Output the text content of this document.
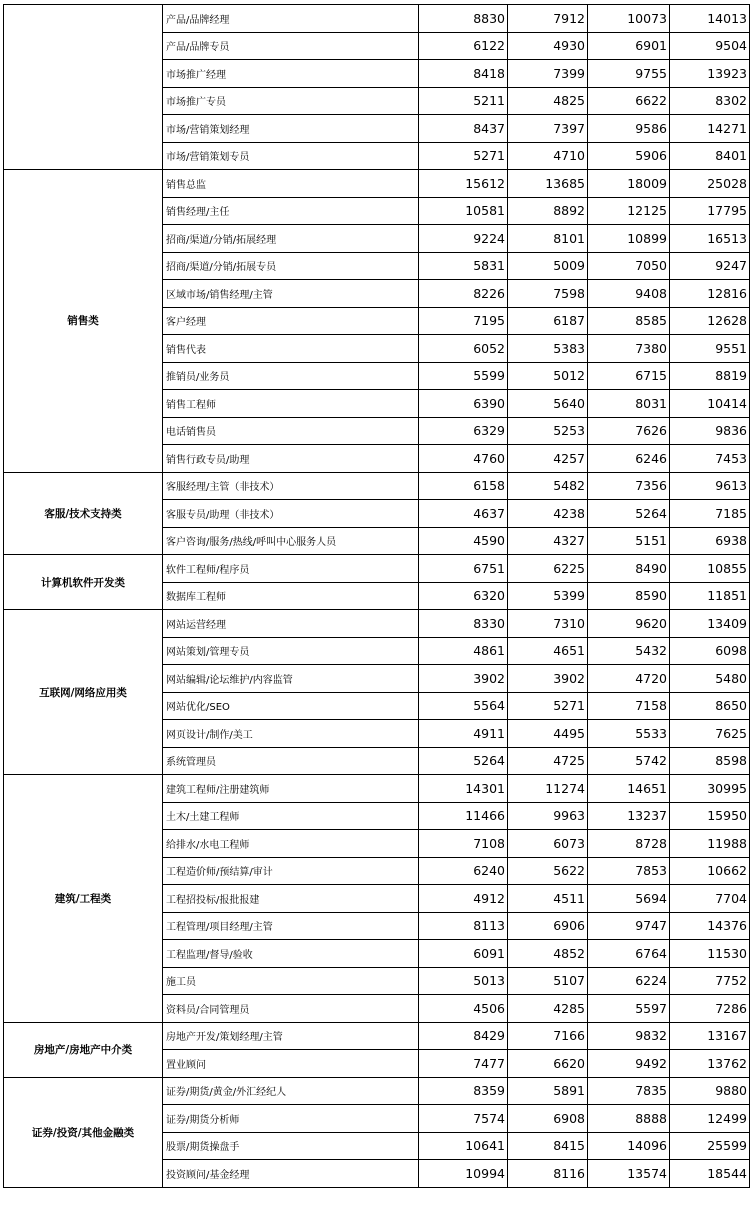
	产品/品牌经理	8830	7912	10073	14013
	产品/品牌专员	6122	4930	6901	9504
	市场推广经理	8418	7399	9755	13923
	市场推广专员	5211	4825	6622	8302
	市场/营销策划经理	8437	7397	9586	14271
	市场/营销策划专员	5271	4710	5906	8401
销售类	销售总监	15612	13685	18009	25028
	销售经理/主任	10581	8892	12125	17795
	招商/渠道/分销/拓展经理	9224	8101	10899	16513
	招商/渠道/分销/拓展专员	5831	5009	7050	9247
	区域市场/销售经理/主管	8226	7598	9408	12816
	客户经理	7195	6187	8585	12628
	销售代表	6052	5383	7380	9551
	推销员/业务员	5599	5012	6715	8819
	销售工程师	6390	5640	8031	10414
	电话销售员	6329	5253	7626	9836
	销售行政专员/助理	4760	4257	6246	7453
客服/技术支持类	客服经理/主管（非技术）	6158	5482	7356	9613
	客服专员/助理（非技术）	4637	4238	5264	7185
	客户咨询/服务/热线/呼叫中心服务人员	4590	4327	5151	6938
计算机软件开发类	软件工程师/程序员	6751	6225	8490	10855
	数据库工程师	6320	5399	8590	11851
互联网/网络应用类	网站运营经理	8330	7310	9620	13409
	网站策划/管理专员	4861	4651	5432	6098
	网站编辑/论坛维护/内容监管	3902	3902	4720	5480
	网站优化/SEO	5564	5271	7158	8650
	网页设计/制作/美工	4911	4495	5533	7625
	系统管理员	5264	4725	5742	8598
建筑/工程类	建筑工程师/注册建筑师	14301	11274	14651	30995
	土木/土建工程师	11466	9963	13237	15950
	给排水/水电工程师	7108	6073	8728	11988
	工程造价师/预结算/审计	6240	5622	7853	10662
	工程招投标/报批报建	4912	4511	5694	7704
	工程管理/项目经理/主管	8113	6906	9747	14376
	工程监理/督导/验收	6091	4852	6764	11530
	施工员	5013	5107	6224	7752
	资料员/合同管理员	4506	4285	5597	7286
房地产/房地产中介类	房地产开发/策划经理/主管	8429	7166	9832	13167
	置业顾问	7477	6620	9492	13762
证券/投资/其他金融类	证券/期货/黄金/外汇经纪人	8359	5891	7835	9880
	证券/期货分析师	7574	6908	8888	12499
	股票/期货操盘手	10641	8415	14096	25599
	投资顾问/基金经理	10994	8116	13574	18544
